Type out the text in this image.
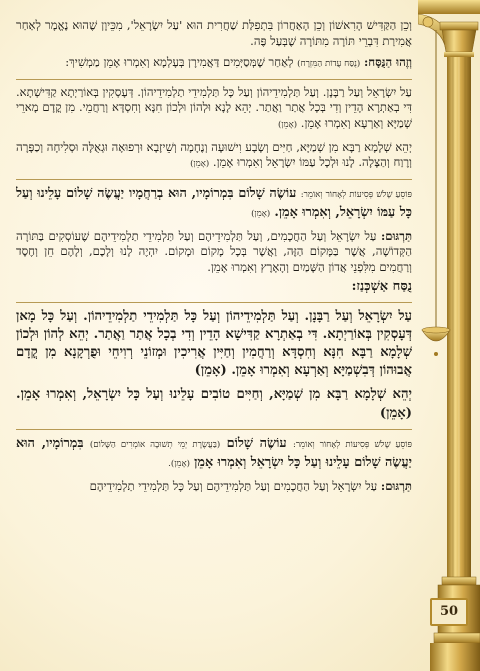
50

וְכֵן הַקַּדִּישׁ הָרִאשׁוֹן וְכֵן הָאַחֲרוֹן בִּתְפִלַּת שַׁחֲרִית הוּא 'עַל יִשְׂרָאֵל', מִכֵּיוָן שֶׁהוּא נֶאֱמָר לְאַחַר אֲמִירַת דִּבְרֵי תּוֹרָה מִתּוֹרָה שֶׁבְּעַל פֶּה.

וְזֶהוּ הַנֻּסָּח: (נֻסַּח עֲדוֹת הַמִּזְרָח) לְאַחַר שֶׁמְּסַיְּמִים דַּאֲמִירָן בְּעָלְמָא וְאִמְרוּ אָמֵן מַמְשִׁיךְ:

עַל יִשְׂרָאֵל וְעַל רַבָּנָן. וְעַל תַּלְמִידֵיהוֹן וְעַל כָּל תַּלְמִידֵי תַלְמִידֵיהוֹן. דְּעָסְקִין בְּאוֹרַיְתָא קַדִּישְׁתָא. דִּי בְאַתְרָא הָדֵין וְדִי בְּכָל אֲתַר וַאֲתַר. יְהֵא לָנָא וּלְהוֹן וּלְכוֹן חִנָּא וְחִסְדָּא וְרַחֲמֵי. מִן קֳדָם מָארֵי שְׁמַיָּא וְאַרְעָא וְאִמְרוּ אָמֵן. (אָמֵן)

יְהֵא שְׁלָמָא רַבָּא מִן שְׁמַיָּא, חַיִּים וְשָׂבָע וִישׁוּעָה וְנֶחָמָה וְשֵׁיזָבָא וּרְפוּאָה וּגְאֻלָּה וּסְלִיחָה וְכַפָּרָה וְרֶוַח וְהַצָּלָה. לָנוּ וּלְכָל עַמּוֹ יִשְׂרָאֵל וְאִמְרוּ אָמֵן. (אָמֵן)

פּוֹסֵעַ שָׁלֹשׁ פְּסִיעוֹת לְאָחוֹר וְאוֹמֵר: עוֹשֶׂה שָׁלוֹם בִּמְרוֹמָיו, הוּא בְרַחֲמָיו יַעֲשֶׂה שָׁלוֹם עָלֵינוּ וְעַל כָּל עַמּוֹ יִשְׂרָאֵל, וְאִמְרוּ אָמֵן. (אָמֵן)

תַּרְגּוּם: עַל יִשְׂרָאֵל וְעַל הַחֲכָמִים, וְעַל תַּלְמִידֵיהֶם וְעַל תַּלְמִידֵי תַלְמִידֵיהֶם שֶׁעוֹסְקִים בַּתּוֹרָה הַקְּדוֹשָׁה, אֲשֶׁר בַּמָּקוֹם הַזֶּה, וַאֲשֶׁר בְּכָל מָקוֹם וּמָקוֹם. יִהְיֶה לָנוּ וְלָכֶם, וְלָהֶם חֵן וְחֶסֶד וְרַחֲמִים מִלִּפְנֵי אֲדוֹן הַשָּׁמַיִם וְהָאָרֶץ וְאִמְרוּ אָמֵן.

נֻסַּח אַשְׁכְּנַז:

עַל יִשְׂרָאֵל וְעַל רַבָּנָן. וְעַל תַּלְמִידֵיהוֹן וְעַל כָּל תַּלְמִידֵי תַלְמִידֵיהוֹן. וְעַל כָּל מָאן דְּעָסְקִין בְּאוֹרַיְתָא. דִּי בְאַתְרָא קַדִּישָׁא הָדֵין וְדִי בְכָל אֲתַר וַאֲתַר. יְהֵא לְהוֹן וּלְכוֹן שְׁלָמָא רַבָּא חִנָּא וְחִסְדָּא וְרַחֲמִין וְחַיִּין אֲרִיכִין וּמְזוֹנֵי רְוִיחֵי וּפֻרְקָנָא מִן קֳדָם אֲבוּהוֹן דְּבִשְׁמַיָּא וְאַרְעָא וְאִמְרוּ אָמֵן. (אָמֵן)

יְהֵא שְׁלָמָא רַבָּא מִן שְׁמַיָּא, וְחַיִּים טוֹבִים עָלֵינוּ וְעַל כָּל יִשְׂרָאֵל, וְאִמְרוּ אָמֵן. (אָמֵן)

פּוֹסֵעַ שָׁלֹשׁ פְּסִיעוֹת לְאָחוֹר וְאוֹמֵר: עוֹשֶׂה שָׁלוֹם (בַּעֲשֶׂרֶת יְמֵי תְשׁוּבָה אוֹמְרִים הַשָּׁלוֹם) בִּמְרוֹמָיו, הוּא יַעֲשֶׂה שָׁלוֹם עָלֵינוּ וְעַל כָּל יִשְׂרָאֵל וְאִמְרוּ אָמֵן (אָמֵן).

תַּרְגּוּם: עַל יִשְׂרָאֵל וְעַל הַחֲכָמִים וְעַל תַּלְמִידֵיהֶם וְעַל כָּל תַּלְמִידֵי תַלְמִידֵיהֶם
